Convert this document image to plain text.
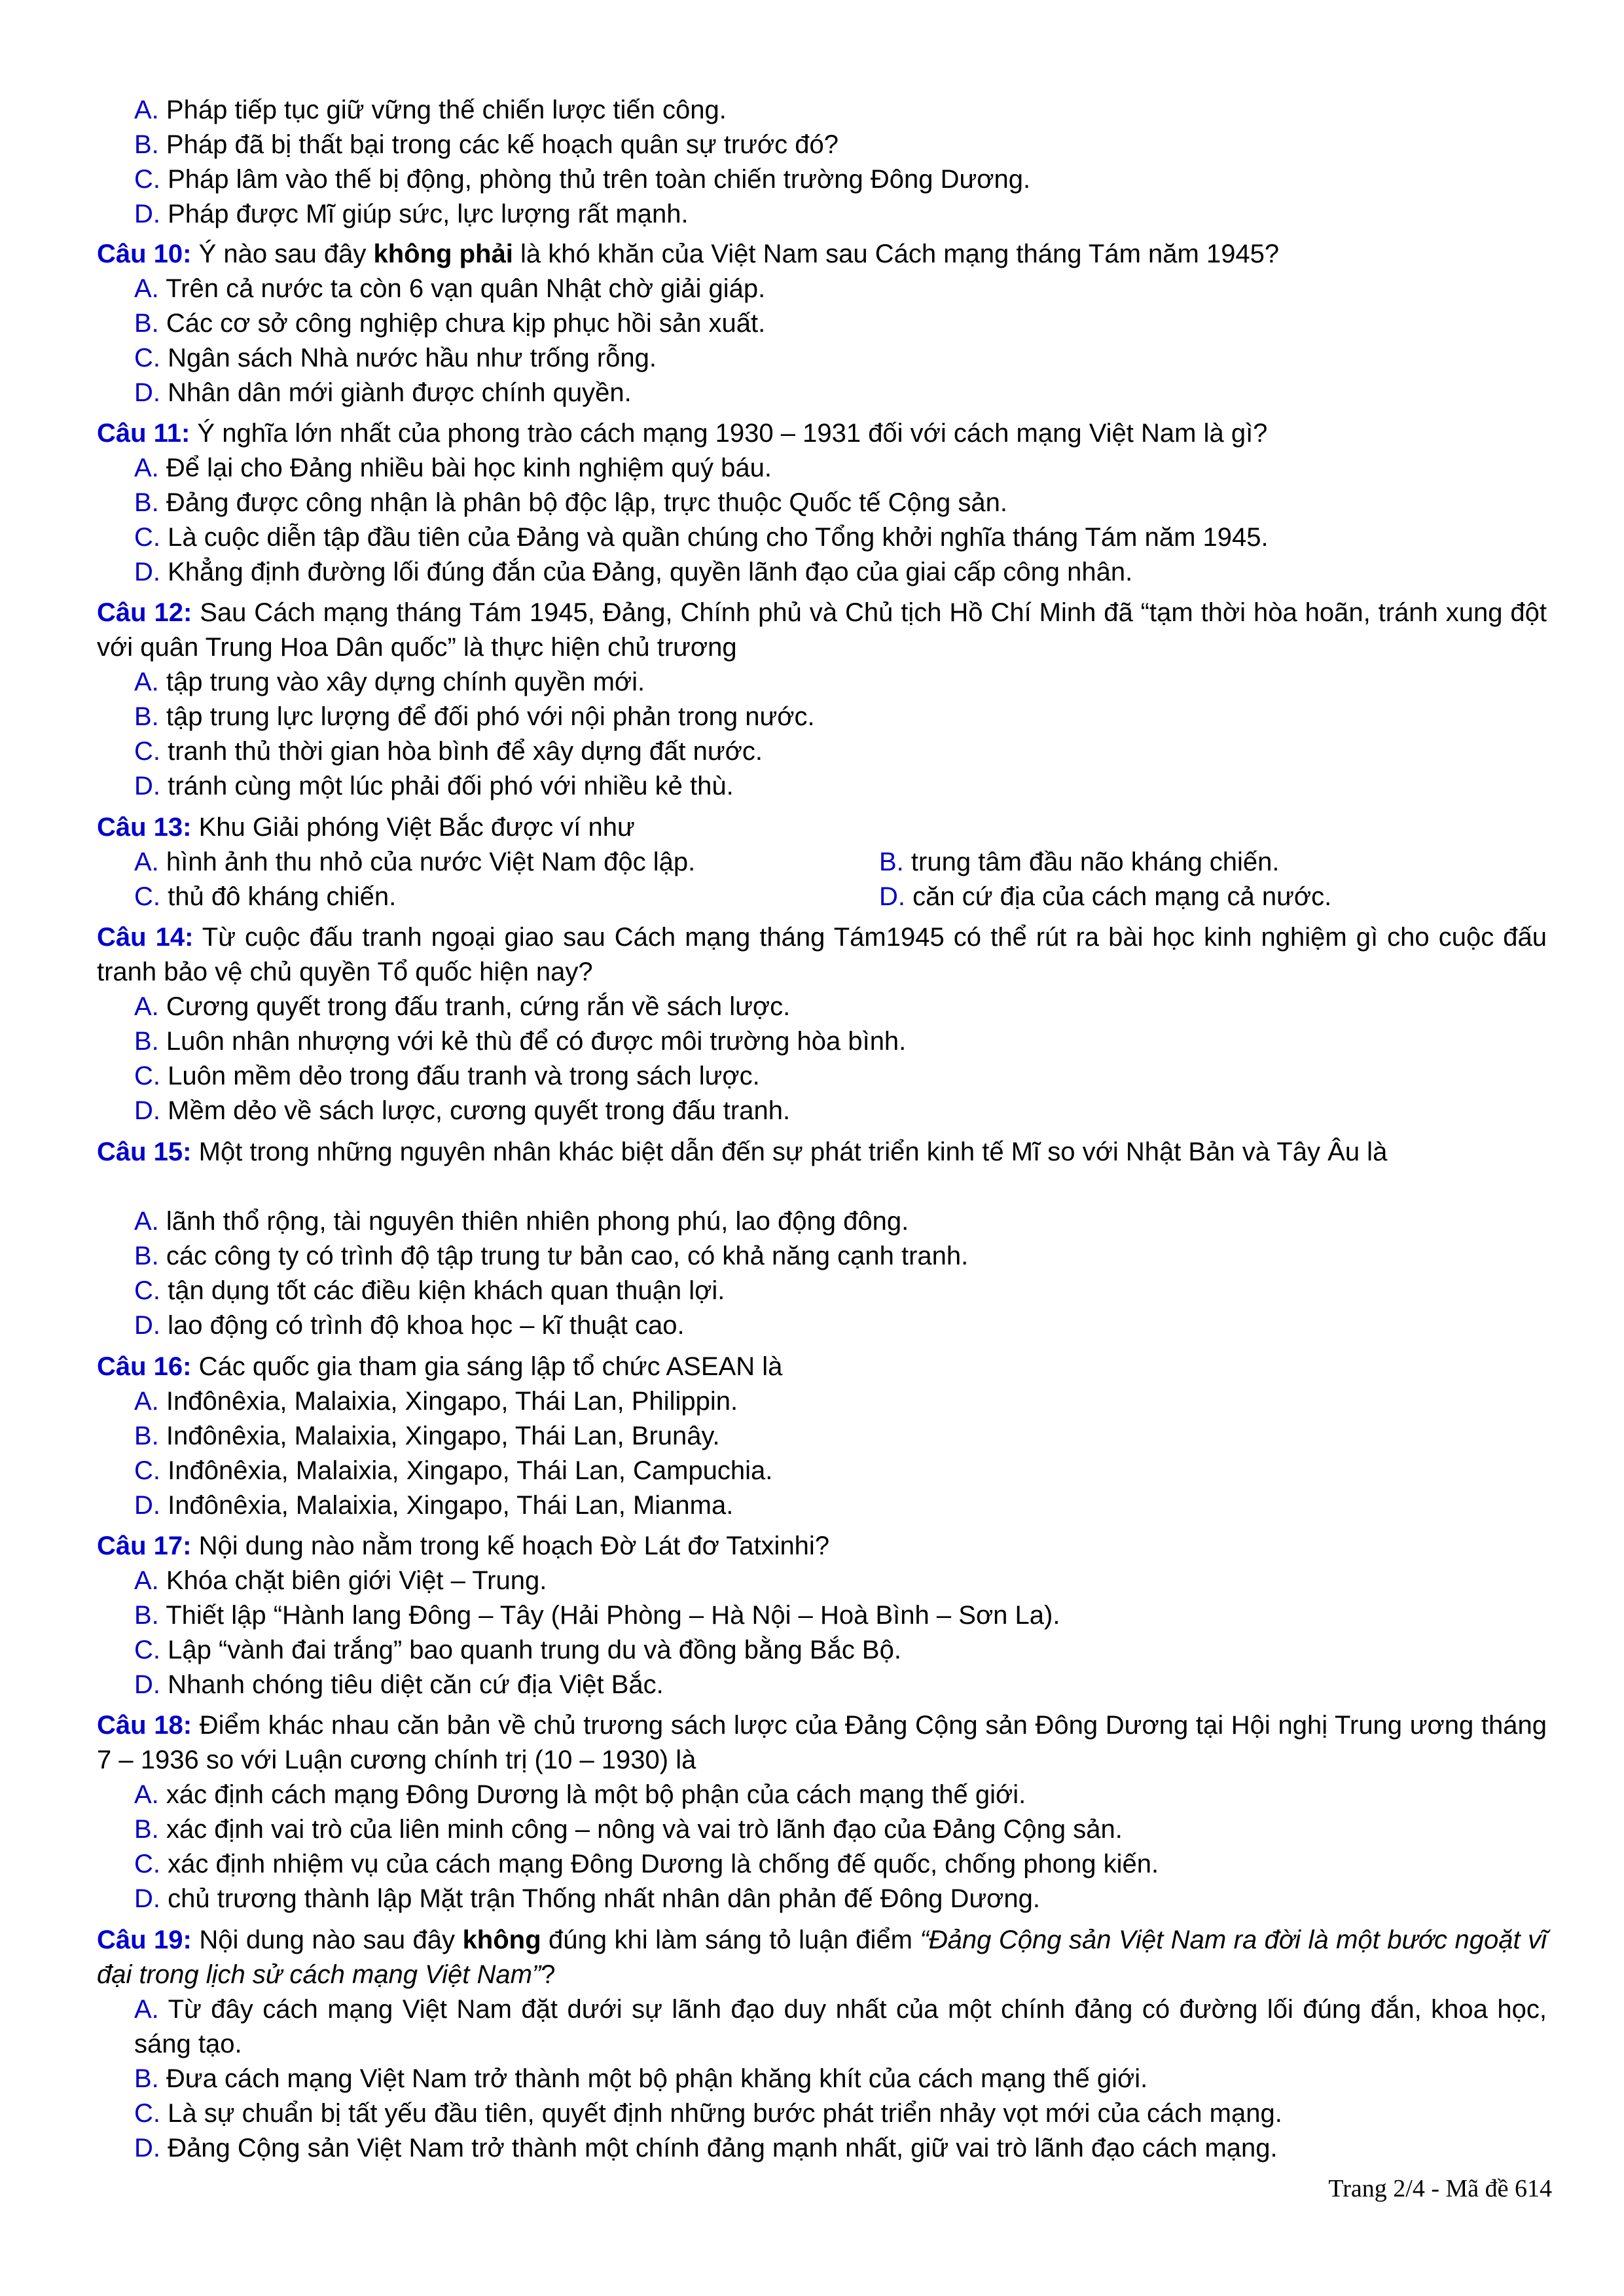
A. Pháp tiếp tục giữ vững thế chiến lược tiến công.
B. Pháp đã bị thất bại trong các kế hoạch quân sự trước đó?
C. Pháp lâm vào thế bị động, phòng thủ trên toàn chiến trường Đông Dương.
D. Pháp được Mĩ giúp sức, lực lượng rất mạnh.
Câu 10: Ý nào sau đây không phải là khó khăn của Việt Nam sau Cách mạng tháng Tám năm 1945?
A. Trên cả nước ta còn 6 vạn quân Nhật chờ giải giáp.
B. Các cơ sở công nghiệp chưa kịp phục hồi sản xuất.
C. Ngân sách Nhà nước hầu như trống rỗng.
D. Nhân dân mới giành được chính quyền.
Câu 11: Ý nghĩa lớn nhất của phong trào cách mạng 1930 – 1931 đối với cách mạng Việt Nam là gì?
A. Để lại cho Đảng nhiều bài học kinh nghiệm quý báu.
B. Đảng được công nhận là phân bộ độc lập, trực thuộc Quốc tế Cộng sản.
C. Là cuộc diễn tập đầu tiên của Đảng và quần chúng cho Tổng khởi nghĩa tháng Tám năm 1945.
D. Khẳng định đường lối đúng đắn của Đảng, quyền lãnh đạo của giai cấp công nhân.
Câu 12: Sau Cách mạng tháng Tám 1945, Đảng, Chính phủ và Chủ tịch Hồ Chí Minh đã “tạm thời hòa hoãn, tránh xung đột với quân Trung Hoa Dân quốc” là thực hiện chủ trương
A. tập trung vào xây dựng chính quyền mới.
B. tập trung lực lượng để đối phó với nội phản trong nước.
C. tranh thủ thời gian hòa bình để xây dựng đất nước.
D. tránh cùng một lúc phải đối phó với nhiều kẻ thù.
Câu 13: Khu Giải phóng Việt Bắc được ví như
A. hình ảnh thu nhỏ của nước Việt Nam độc lập.	B. trung tâm đầu não kháng chiến.
C. thủ đô kháng chiến.	D. căn cứ địa của cách mạng cả nước.
Câu 14: Từ cuộc đấu tranh ngoại giao sau Cách mạng tháng Tám1945 có thể rút ra bài học kinh nghiệm gì cho cuộc đấu tranh bảo vệ chủ quyền Tổ quốc hiện nay?
A. Cương quyết trong đấu tranh, cứng rắn về sách lược.
B. Luôn nhân nhượng với kẻ thù để có được môi trường hòa bình.
C. Luôn mềm dẻo trong đấu tranh và trong sách lược.
D. Mềm dẻo về sách lược, cương quyết trong đấu tranh.
Câu 15: Một trong những nguyên nhân khác biệt dẫn đến sự phát triển kinh tế Mĩ so với Nhật Bản và Tây Âu là
A. lãnh thổ rộng, tài nguyên thiên nhiên phong phú, lao động đông.
B. các công ty có trình độ tập trung tư bản cao, có khả năng cạnh tranh.
C. tận dụng tốt các điều kiện khách quan thuận lợi.
D. lao động có trình độ khoa học – kĩ thuật cao.
Câu 16: Các quốc gia tham gia sáng lập tổ chức ASEAN là
A. Inđônêxia, Malaixia, Xingapo, Thái Lan, Philippin.
B. Inđônêxia, Malaixia, Xingapo, Thái Lan, Brunây.
C. Inđônêxia, Malaixia, Xingapo, Thái Lan, Campuchia.
D. Inđônêxia, Malaixia, Xingapo, Thái Lan, Mianma.
Câu 17: Nội dung nào nằm trong kế hoạch Đờ Lát đơ Tatxinhi?
A. Khóa chặt biên giới Việt – Trung.
B. Thiết lập “Hành lang Đông – Tây (Hải Phòng – Hà Nội – Hoà Bình – Sơn La).
C. Lập “vành đai trắng” bao quanh trung du và đồng bằng Bắc Bộ.
D. Nhanh chóng tiêu diệt căn cứ địa Việt Bắc.
Câu 18: Điểm khác nhau căn bản về chủ trương sách lược của Đảng Cộng sản Đông Dương tại Hội nghị Trung ương tháng 7 – 1936 so với Luận cương chính trị (10 – 1930) là
A. xác định cách mạng Đông Dương là một bộ phận của cách mạng thế giới.
B. xác định vai trò của liên minh công – nông và vai trò lãnh đạo của Đảng Cộng sản.
C. xác định nhiệm vụ của cách mạng Đông Dương là chống đế quốc, chống phong kiến.
D. chủ trương thành lập Mặt trận Thống nhất nhân dân phản đế Đông Dương.
Câu 19: Nội dung nào sau đây không đúng khi làm sáng tỏ luận điểm “Đảng Cộng sản Việt Nam ra đời là một bước ngoặt vĩ đại trong lịch sử cách mạng Việt Nam”?
A. Từ đây cách mạng Việt Nam đặt dưới sự lãnh đạo duy nhất của một chính đảng có đường lối đúng đắn, khoa học, sáng tạo.
B. Đưa cách mạng Việt Nam trở thành một bộ phận khăng khít của cách mạng thế giới.
C. Là sự chuẩn bị tất yếu đầu tiên, quyết định những bước phát triển nhảy vọt mới của cách mạng.
D. Đảng Cộng sản Việt Nam trở thành một chính đảng mạnh nhất, giữ vai trò lãnh đạo cách mạng.
Trang 2/4 - Mã đề 614
